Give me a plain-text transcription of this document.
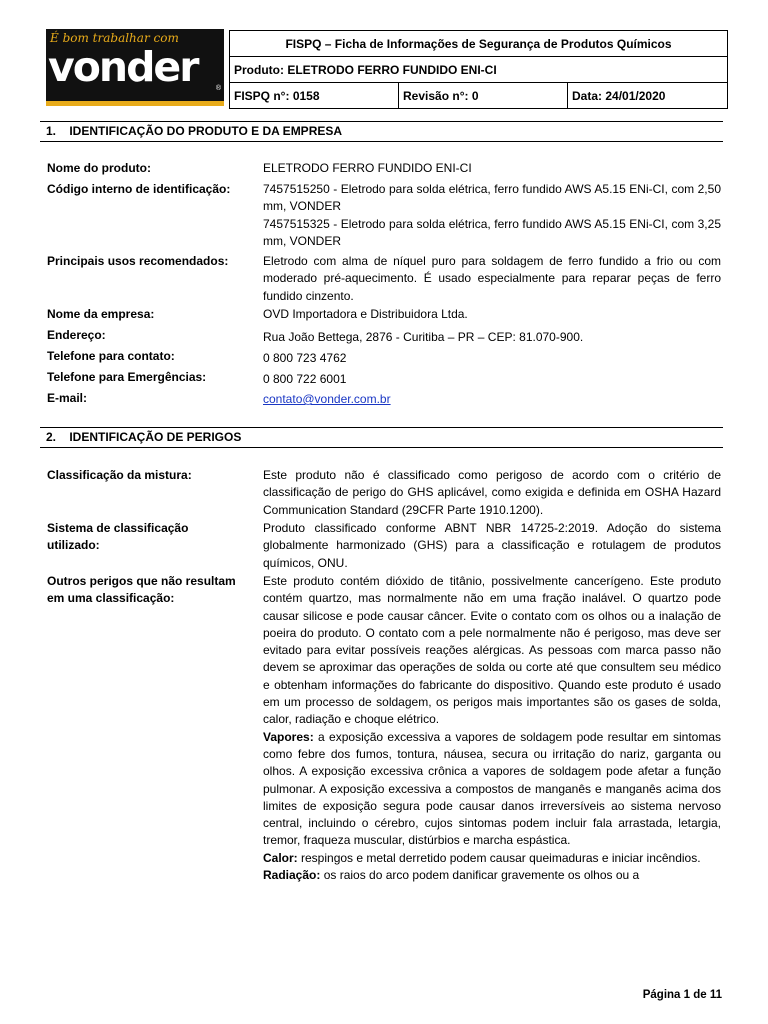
É bom trabalhar com
vonder	®
FISPQ – Ficha de Informações de Segurança de Produtos Químicos
Produto: ELETRODO FERRO FUNDIDO ENI-CI
FISPQ n°: 0158	Revisão n°: 0	Data: 24/01/2020
1. IDENTIFICAÇÃO DO PRODUTO E DA EMPRESA
Nome do produto:	ELETRODO FERRO FUNDIDO ENI-CI
Código interno de identificação:	7457515250 - Eletrodo para solda elétrica, ferro fundido AWS A5.15 ENi-CI, com 2,50 mm, VONDER

7457515325 - Eletrodo para solda elétrica, ferro fundido AWS A5.15 ENi-CI, com 3,25 mm, VONDER

Principais usos recomendados:	Eletrodo com alma de níquel puro para soldagem de ferro fundido a frio ou com moderado pré-aquecimento. É usado especialmente para reparar peças de ferro fundido cinzento.
Nome da empresa:	OVD Importadora e Distribuidora Ltda.
Endereço:	Rua João Bettega, 2876 - Curitiba – PR – CEP: 81.070-900.
Telefone para contato:	0 800 723 4762
Telefone para Emergências:	0 800 722 6001
E-mail:	contato@vonder.com.br
2. IDENTIFICAÇÃO DE PERIGOS
Classificação da mistura:	Este produto não é classificado como perigoso de acordo com o critério de classificação de perigo do GHS aplicável, como exigida e definida em OSHA Hazard Communication Standard (29CFR Parte 1910.1200).
Sistema de classificação utilizado:
Produto classificado conforme ABNT NBR 14725-2:2019. Adoção do sistema globalmente harmonizado (GHS) para a classificação e rotulagem de produtos químicos, ONU.
Outros perigos que não resultam em uma classificação:

Este produto contém dióxido de titânio, possivelmente cancerígeno. Este produto contém quartzo, mas normalmente não em uma fração inalável. O quartzo pode causar silicose e pode causar câncer. Evite o contato com os olhos ou a inalação de poeira do produto. O contato com a pele normalmente não é perigoso, mas deve ser evitado para evitar possíveis reações alérgicas. As pessoas com marca passo não devem se aproximar das operações de solda ou corte até que consultem seu médico e obtenham informações do fabricante do dispositivo. Quando este produto é usado em um processo de soldagem, os perigos mais importantes são os gases de solda, calor, radiação e choque elétrico.

Vapores: a exposição excessiva a vapores de soldagem pode resultar em sintomas como febre dos fumos, tontura, náusea, secura ou irritação do nariz, garganta ou olhos. A exposição excessiva crônica a vapores de soldagem pode afetar a função pulmonar. A exposição excessiva a compostos de manganês e manganês acima dos limites de exposição segura pode causar danos irreversíveis ao sistema nervoso central, incluindo o cérebro, cujos sintomas podem incluir fala arrastada, letargia, tremor, fraqueza muscular, distúrbios e marcha espástica.

Calor: respingos e metal derretido podem causar queimaduras e iniciar incêndios.

Radiação: os raios do arco podem danificar gravemente os olhos ou a

Página 1 de 11
